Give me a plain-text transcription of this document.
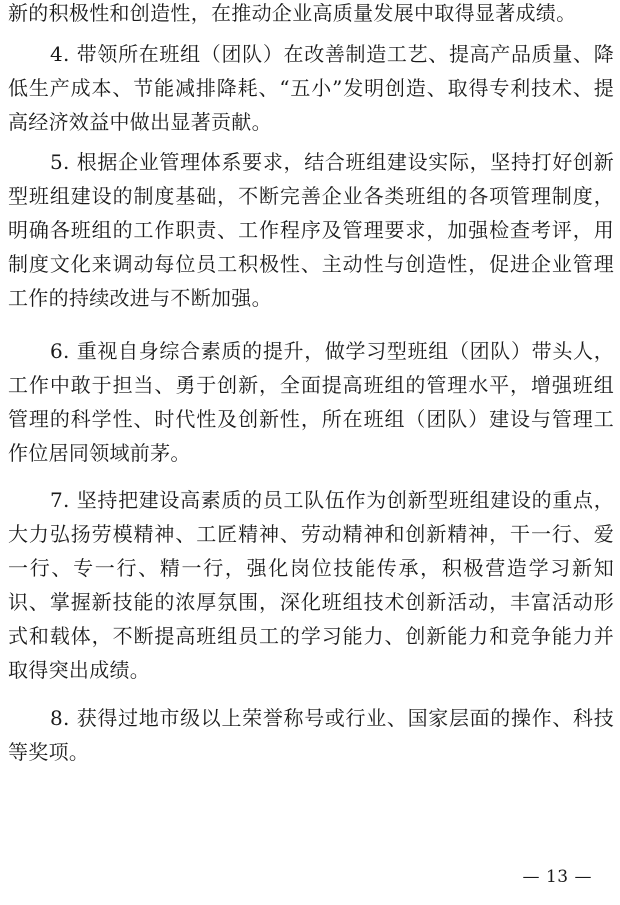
新的积极性和创造性，在推动企业高质量发展中取得显著成绩。

4. 带领所在班组（团队）在改善制造工艺、提高产品质量、降低生产成本、节能减排降耗、“五小”发明创造、取得专利技术、提高经济效益中做出显著贡献。

5. 根据企业管理体系要求，结合班组建设实际，坚持打好创新型班组建设的制度基础，不断完善企业各类班组的各项管理制度，明确各班组的工作职责、工作程序及管理要求，加强检查考评，用制度文化来调动每位员工积极性、主动性与创造性，促进企业管理工作的持续改进与不断加强。

6. 重视自身综合素质的提升，做学习型班组（团队）带头人，工作中敢于担当、勇于创新，全面提高班组的管理水平，增强班组管理的科学性、时代性及创新性，所在班组（团队）建设与管理工作位居同领域前茅。

7. 坚持把建设高素质的员工队伍作为创新型班组建设的重点，大力弘扬劳模精神、工匠精神、劳动精神和创新精神，干一行、爱一行、专一行、精一行，强化岗位技能传承，积极营造学习新知识、掌握新技能的浓厚氛围，深化班组技术创新活动，丰富活动形式和载体，不断提高班组员工的学习能力、创新能力和竞争能力并取得突出成绩。

8. 获得过地市级以上荣誉称号或行业、国家层面的操作、科技等奖项。

— 13 —
